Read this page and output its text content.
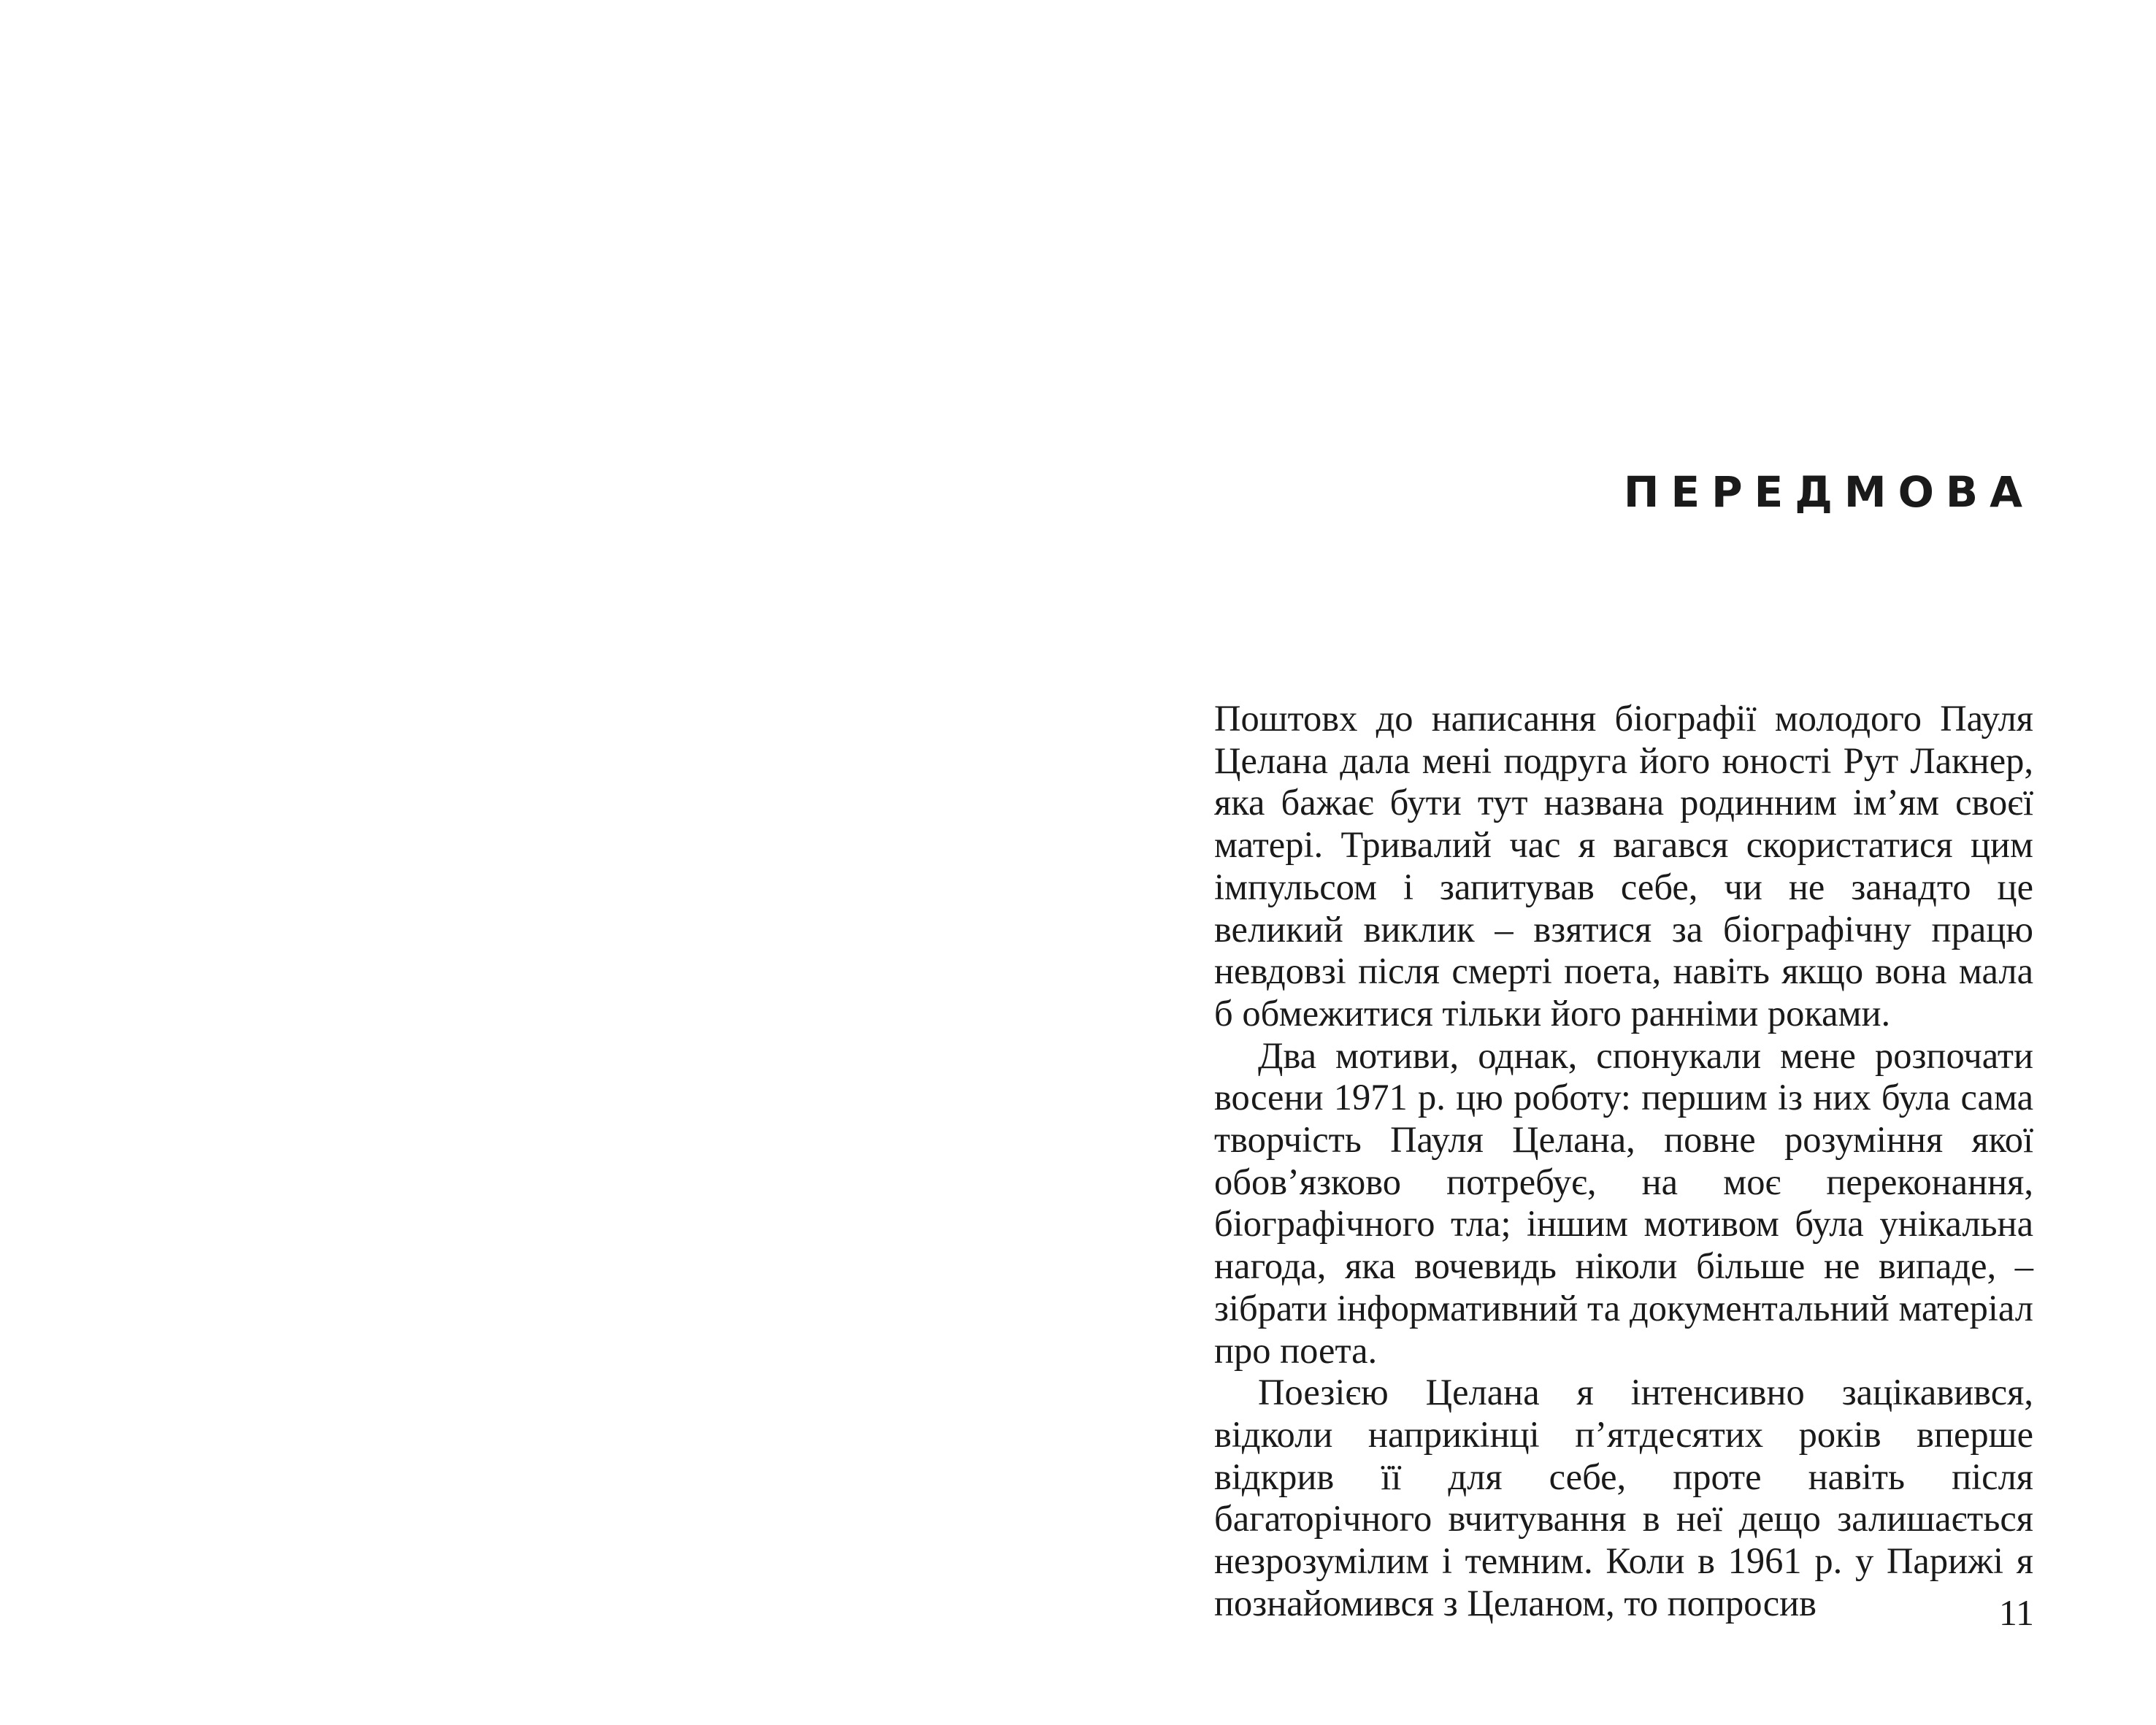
ПЕРЕДМОВА

Поштовх до написання біографії молодого Пауля Целана дала мені подруга його юності Рут Лакнер, яка бажає бути тут названа родинним ім’ям своєї матері. Тривалий час я вагався скористатися цим імпульсом і запитував себе, чи не занадто це великий виклик – взятися за біографічну працю невдовзі після смерті поета, навіть якщо вона мала б обмежитися тільки його ранніми роками.

Два мотиви, однак, спонукали мене розпочати восени 1971 р. цю роботу: першим із них була сама творчість Пауля Целана, повне розуміння якої обов’язково потребує, на моє переконання, біографічного тла; іншим мотивом була унікальна нагода, яка вочевидь ніколи більше не випаде, – зібрати інформативний та документальний матеріал про поета.

Поезією Целана я інтенсивно зацікавився, відколи наприкінці п’ятдесятих років вперше відкрив її для себе, проте навіть після багаторічного вчитування в неї дещо залишається незрозумілим і темним. Коли в 1961 р. у Парижі я познайомився з Целаном, то попросив	11
